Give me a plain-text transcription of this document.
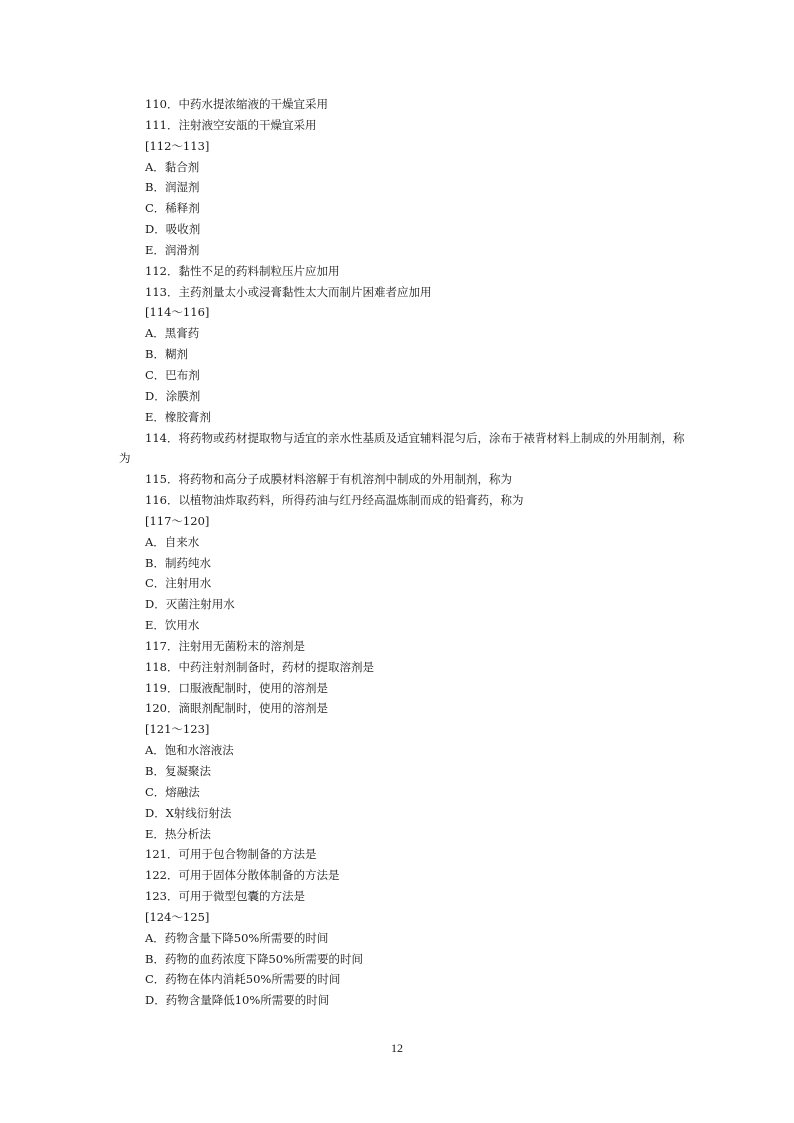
110．中药水提浓缩液的干燥宜采用
111．注射液空安瓿的干燥宜采用
[112～113]
A．黏合剂
B．润湿剂
C．稀释剂
D．吸收剂
E．润滑剂
112．黏性不足的药料制粒压片应加用
113．主药剂量太小或浸膏黏性太大而制片困难者应加用
[114～116]
A．黑膏药
B．糊剂
C．巴布剂
D．涂膜剂
E．橡胶膏剂
114．将药物或药材提取物与适宜的亲水性基质及适宜辅料混匀后，涂布于裱背材料上制成的外用制剂，称为
115．将药物和高分子成膜材料溶解于有机溶剂中制成的外用制剂，称为
116．以植物油炸取药料，所得药油与红丹经高温炼制而成的铅膏药，称为
[117～120]
A．自来水
B．制药纯水
C．注射用水
D．灭菌注射用水
E．饮用水
117．注射用无菌粉末的溶剂是
118．中药注射剂制备时，药材的提取溶剂是
119．口服液配制时，使用的溶剂是
120．滴眼剂配制时，使用的溶剂是
[121～123]
A．饱和水溶液法
B．复凝聚法
C．熔融法
D．X射线衍射法
E．热分析法
121．可用于包合物制备的方法是
122．可用于固体分散体制备的方法是
123．可用于微型包囊的方法是
[124～125]
A．药物含量下降50%所需要的时间
B．药物的血药浓度下降50%所需要的时间
C．药物在体内消耗50%所需要的时间
D．药物含量降低10%所需要的时间
12
